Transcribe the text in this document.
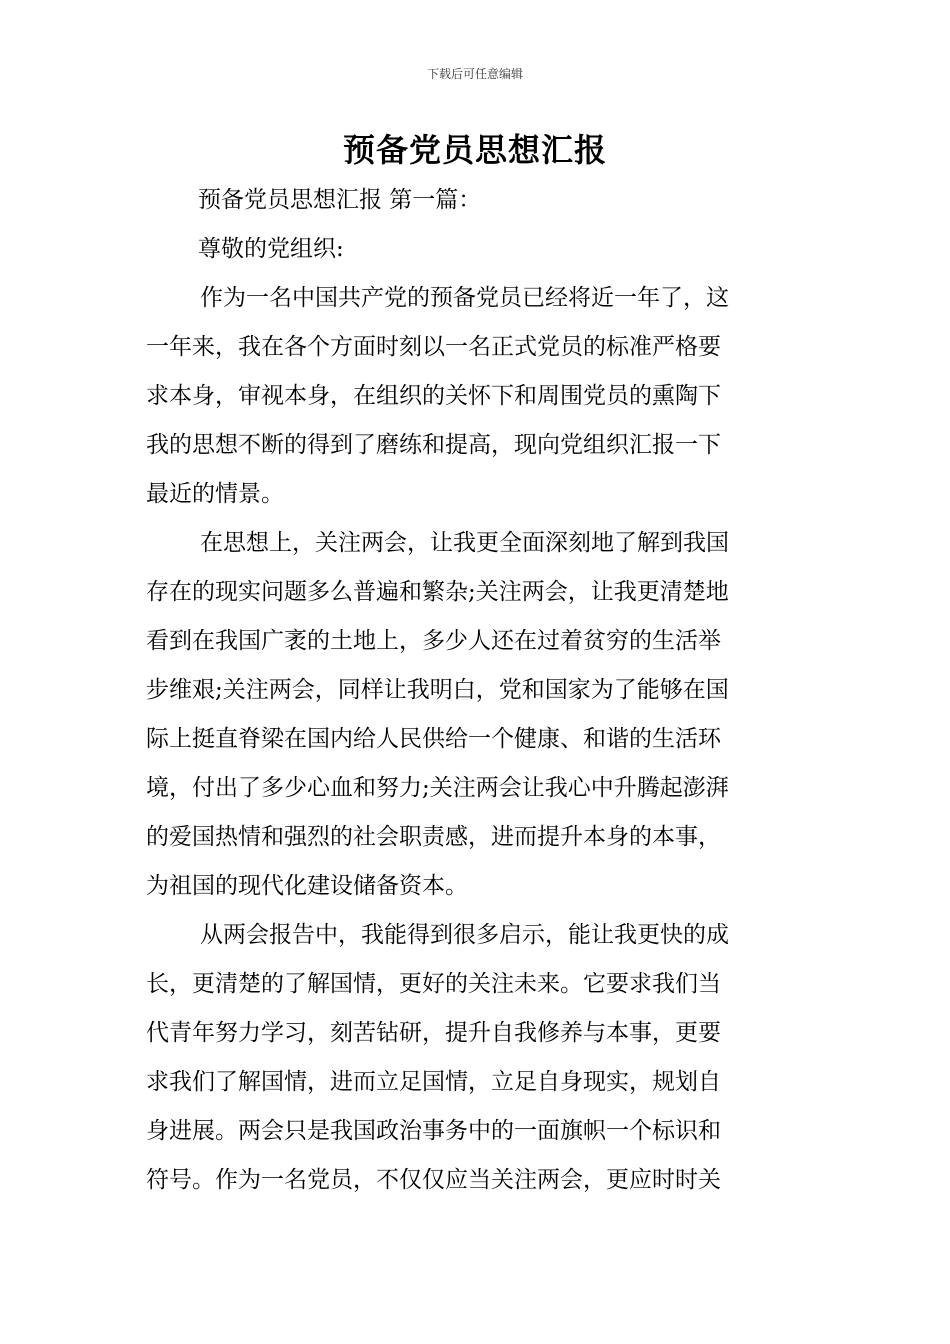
下载后可任意编辑
预备党员思想汇报
预备党员思想汇报 第一篇：
尊敬的党组织:
作为一名中国共产党的预备党员已经将近一年了，这
一年来，我在各个方面时刻以一名正式党员的标准严格要
求本身，审视本身，在组织的关怀下和周围党员的熏陶下
我的思想不断的得到了磨练和提高，现向党组织汇报一下
最近的情景。
在思想上，关注两会，让我更全面深刻地了解到我国
存在的现实问题多么普遍和繁杂;关注两会，让我更清楚地
看到在我国广袤的土地上，多少人还在过着贫穷的生活举
步维艰;关注两会，同样让我明白，党和国家为了能够在国
际上挺直脊梁在国内给人民供给一个健康、和谐的生活环
境，付出了多少心血和努力;关注两会让我心中升腾起澎湃
的爱国热情和强烈的社会职责感，进而提升本身的本事，
为祖国的现代化建设储备资本。
从两会报告中，我能得到很多启示，能让我更快的成
长，更清楚的了解国情，更好的关注未来。它要求我们当
代青年努力学习，刻苦钻研，提升自我修养与本事，更要
求我们了解国情，进而立足国情，立足自身现实，规划自
身进展。两会只是我国政治事务中的一面旗帜一个标识和
符号。作为一名党员，不仅仅应当关注两会，更应时时关
